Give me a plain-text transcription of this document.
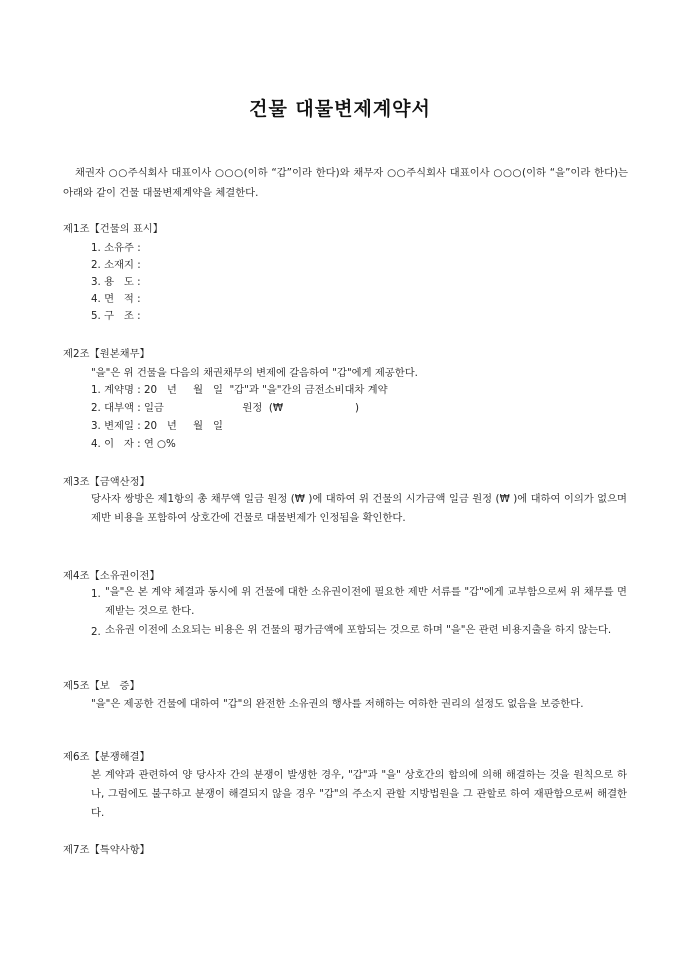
건물 대물변제계약서
채권자 ○○주식회사 대표이사 ○○○(이하 “갑”이라 한다)와 채무자 ○○주식회사 대표이사 ○○○(이하 “을”이라 한다)는 아래와 같이 건물 대물변제계약을 체결한다.
제1조【건물의 표시】
1. 소유주 :
2. 소재지 :
3. 용   도 :
4. 면   적 :
5. 구   조 :
제2조【원본채무】
"을"은 위 건물을 다음의 채권채무의 변제에 갈음하여 "갑"에게 제공한다.
1. 계약명 : 20   년     월   일  "갑"과 "을"간의 금전소비대차 계약
2. 대부액 : 일금                        원정  (₩                      )
3. 변제일 : 20   년     월   일
4. 이   자 : 연 ○%
제3조【금액산정】
당사자 쌍방은 제1항의 총 채무액 일금 원정 (₩ )에 대하여 위 건물의 시가금액 일금 원정 (₩ )에 대하여 이의가 없으며 제반 비용을 포함하여 상호간에 건물로 대물변제가 인정됨을 확인한다.
제4조【소유권이전】
1. "을"은 본 계약 체결과 동시에 위 건물에 대한 소유권이전에 필요한 제반 서류를 "갑"에게 교부함으로써 위 채무를 면제받는 것으로 한다.
2. 소유권 이전에 소요되는 비용은 위 건물의 평가금액에 포함되는 것으로 하며 "을"은 관련 비용지출을 하지 않는다.
제5조【보   증】
"을"은 제공한 건물에 대하여 "갑"의 완전한 소유권의 행사를 저해하는 여하한 권리의 설정도 없음을 보증한다.
제6조【분쟁해결】
본 계약과 관련하여 양 당사자 간의 분쟁이 발생한 경우, "갑"과 "을" 상호간의 합의에 의해 해결하는 것을 원칙으로 하나, 그럼에도 불구하고 분쟁이 해결되지 않을 경우 "갑"의 주소지 관할 지방법원을 그 관할로 하여 재판함으로써 해결한다.
제7조【특약사항】
